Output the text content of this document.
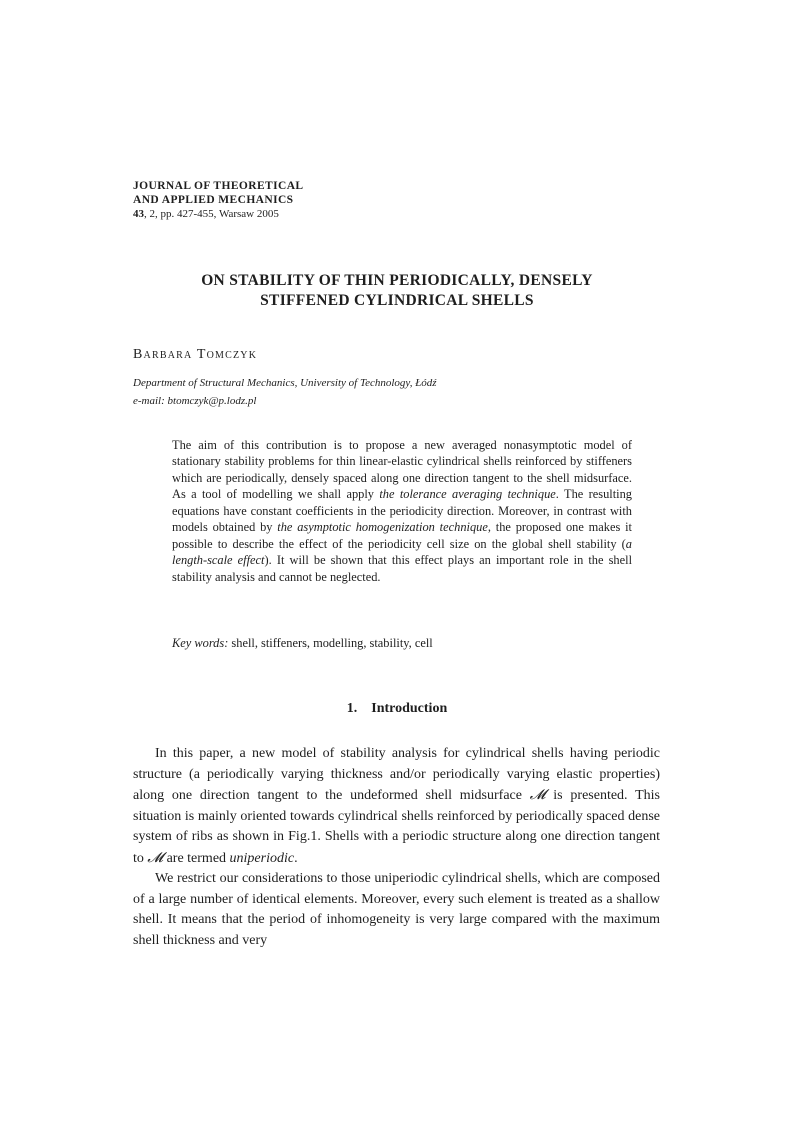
JOURNAL OF THEORETICAL
AND APPLIED MECHANICS
43, 2, pp. 427-455, Warsaw 2005
ON STABILITY OF THIN PERIODICALLY, DENSELY
STIFFENED CYLINDRICAL SHELLS
Barbara Tomczyk
Department of Structural Mechanics, University of Technology, Łódź
e-mail: btomczyk@p.lodz.pl

The aim of this contribution is to propose a new averaged nonasymptotic model of stationary stability problems for thin linear-elastic cylindrical shells reinforced by stiffeners which are periodically, densely spaced along one direction tangent to the shell midsurface. As a tool of modelling we shall apply the tolerance averaging technique. The resulting equations have constant coefficients in the periodicity direction. Moreover, in contrast with models obtained by the asymptotic homogenization technique, the proposed one makes it possible to describe the effect of the periodicity cell size on the global shell stability (a length-scale effect). It will be shown that this effect plays an important role in the shell stability analysis and cannot be neglected.

Key words: shell, stiffeners, modelling, stability, cell
1. Introduction

In this paper, a new model of stability analysis for cylindrical shells having periodic structure (a periodically varying thickness and/or periodically varying elastic properties) along one direction tangent to the undeformed shell midsurface 𝓜 is presented. This situation is mainly oriented towards cylindrical shells reinforced by periodically spaced dense system of ribs as shown in Fig.1. Shells with a periodic structure along one direction tangent to 𝓜 are termed uniperiodic.

We restrict our considerations to those uniperiodic cylindrical shells, which are composed of a large number of identical elements. Moreover, every such element is treated as a shallow shell. It means that the period of inhomogeneity is very large compared with the maximum shell thickness and very
